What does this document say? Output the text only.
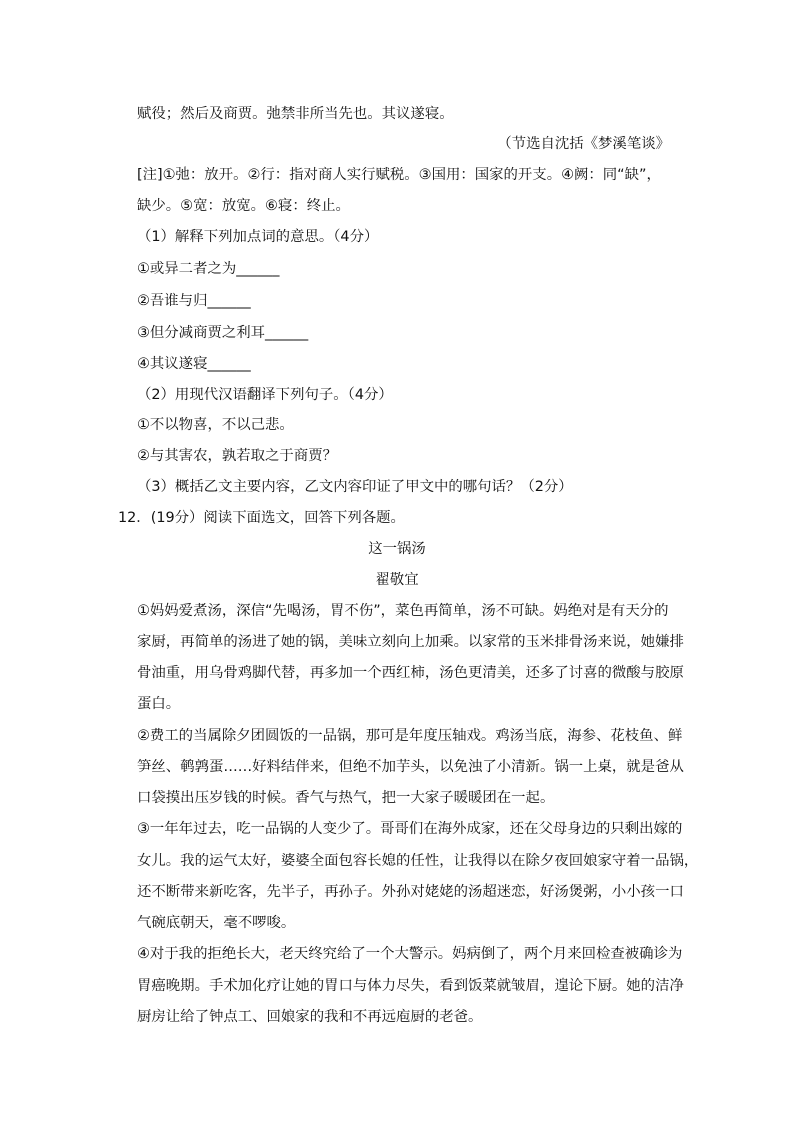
赋役；然后及商贾。弛禁非所当先也。其议遂寝。
（节选自沈括《梦溪笔谈》
[注]①弛：放开。②行：指对商人实行赋税。③国用：国家的开支。④阙：同“缺”，
缺少。⑤宽：放宽。⑥寝：终止。
（1）解释下列加点词的意思。（4分）
①或异二者之为______
②吾谁与归______
③但分减商贾之利耳______
④其议遂寝______
（2）用现代汉语翻译下列句子。（4分）
①不以物喜，不以己悲。
②与其害农，孰若取之于商贾？
（3）概括乙文主要内容，乙文内容印证了甲文中的哪句话？（2分）
12．(19分）阅读下面选文，回答下列各题。
这一锅汤
翟敬宜
①妈妈爱煮汤，深信“先喝汤，胃不伤”，菜色再简单，汤不可缺。妈绝对是有天分的
家厨，再简单的汤进了她的锅，美味立刻向上加乘。以家常的玉米排骨汤来说，她嫌排
骨油重，用乌骨鸡脚代替，再多加一个西红柿，汤色更清美，还多了讨喜的微酸与胶原
蛋白。
②费工的当属除夕团圆饭的一品锅，那可是年度压轴戏。鸡汤当底，海参、花枝鱼、鲜
笋丝、鹌鹑蛋……好料结伴来，但绝不加芋头，以免浊了小清新。锅一上桌，就是爸从
口袋摸出压岁钱的时候。香气与热气，把一大家子暖暖团在一起。
③一年年过去，吃一品锅的人变少了。哥哥们在海外成家，还在父母身边的只剩出嫁的
女儿。我的运气太好，婆婆全面包容长媳的任性，让我得以在除夕夜回娘家守着一品锅，
还不断带来新吃客，先半子，再孙子。外孙对姥姥的汤超迷恋，好汤煲粥，小小孩一口
气碗底朝天，毫不啰唆。
④对于我的拒绝长大，老天终究给了一个大警示。妈病倒了，两个月来回检查被确诊为
胃癌晚期。手术加化疗让她的胃口与体力尽失，看到饭菜就皱眉，遑论下厨。她的洁净
厨房让给了钟点工、回娘家的我和不再远庖厨的老爸。
